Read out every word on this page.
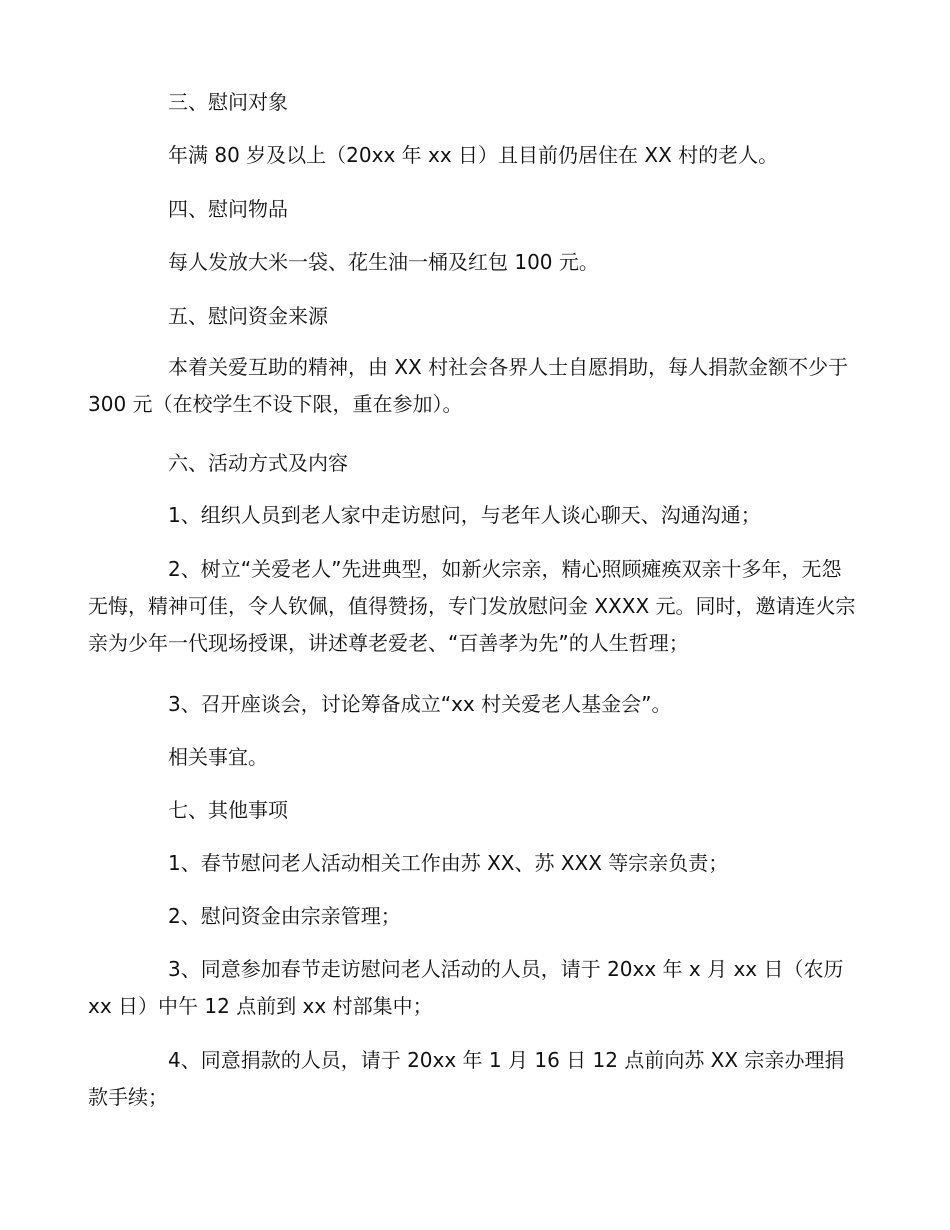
三、慰问对象
年满 80 岁及以上（20xx 年 xx 日）且目前仍居住在 XX 村的老人。
四、慰问物品
每人发放大米一袋、花生油一桶及红包 100 元。
五、慰问资金来源
本着关爱互助的精神，由 XX 村社会各界人士自愿捐助，每人捐款金额不少于 300 元（在校学生不设下限，重在参加）。
六、活动方式及内容
1、组织人员到老人家中走访慰问，与老年人谈心聊天、沟通沟通；
2、树立“关爱老人”先进典型，如新火宗亲，精心照顾瘫痪双亲十多年，无怨无悔，精神可佳，令人钦佩，值得赞扬，专门发放慰问金 XXXX 元。同时，邀请连火宗亲为少年一代现场授课，讲述尊老爱老、“百善孝为先”的人生哲理；
3、召开座谈会，讨论筹备成立“xx 村关爱老人基金会”。
相关事宜。
七、其他事项
1、春节慰问老人活动相关工作由苏 XX、苏 XXX 等宗亲负责；
2、慰问资金由宗亲管理；
3、同意参加春节走访慰问老人活动的人员，请于 20xx 年 x 月 xx 日（农历 xx 日）中午 12 点前到 xx 村部集中；
4、同意捐款的人员，请于 20xx 年 1 月 16 日 12 点前向苏 XX 宗亲办理捐款手续；
